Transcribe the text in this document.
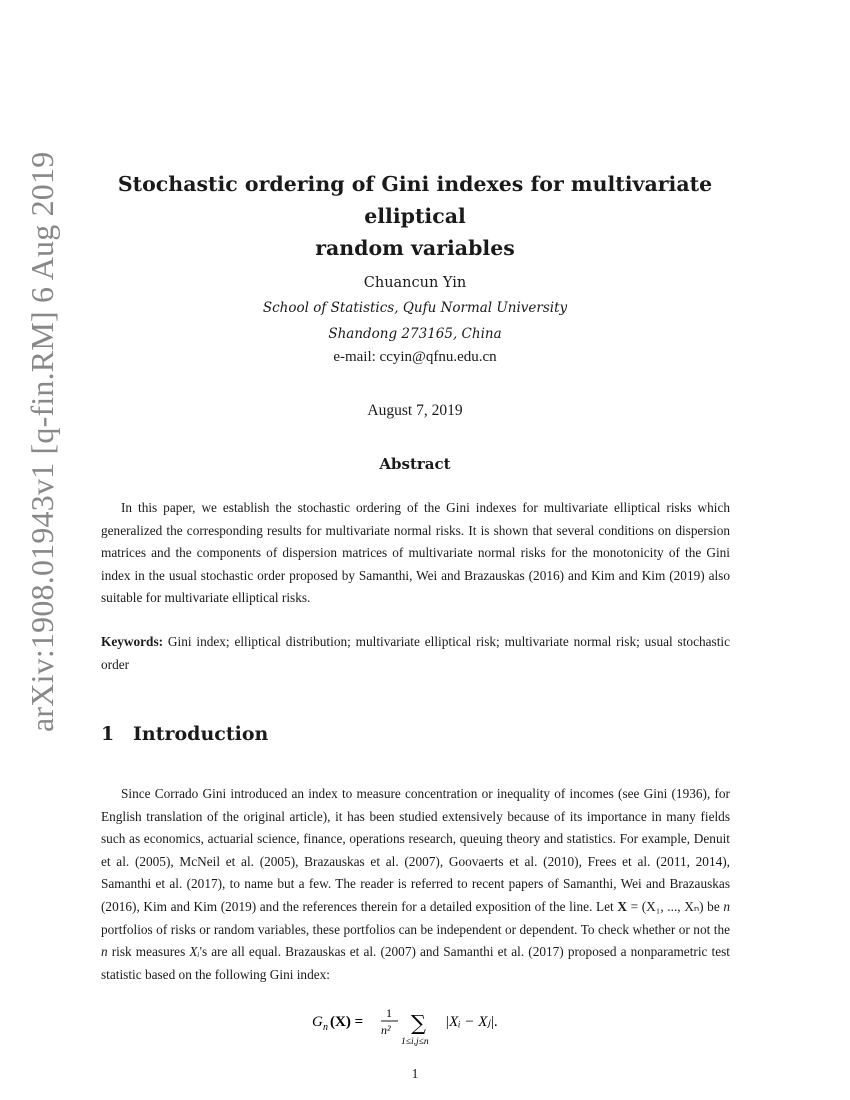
arXiv:1908.01943v1 [q-fin.RM] 6 Aug 2019	Stochastic ordering of Gini indexes for multivariate elliptical
random variables
Chuancun Yin
School of Statistics, Qufu Normal University
Shandong 273165, China
e-mail: ccyin@qfnu.edu.cn
August 7, 2019
Abstract
In this paper, we establish the stochastic ordering of the Gini indexes for multivariate elliptical risks which generalized the corresponding results for multivariate normal risks. It is shown that several conditions on dispersion matrices and the components of dispersion matrices of multivariate normal risks for the monotonicity of the Gini index in the usual stochastic order proposed by Samanthi, Wei and Brazauskas (2016) and Kim and Kim (2019) also suitable for multivariate elliptical risks.
Keywords: Gini index; elliptical distribution; multivariate elliptical risk; multivariate normal risk; usual stochastic order
1 Introduction
Since Corrado Gini introduced an index to measure concentration or inequality of incomes (see Gini (1936), for English translation of the original article), it has been studied extensively because of its importance in many fields such as economics, actuarial science, finance, operations research, queuing theory and statistics. For example, Denuit et al. (2005), McNeil et al. (2005), Brazauskas et al. (2007), Goovaerts et al. (2010), Frees et al. (2011, 2014), Samanthi et al. (2017), to name but a few. The reader is referred to recent papers of Samanthi, Wei and Brazauskas (2016), Kim and Kim (2019) and the references therein for a detailed exposition of the line. Let X = (X₁, ..., Xₙ) be n portfolios of risks or random variables, these portfolios can be independent or dependent. To check whether or not the n risk measures Xᵢ's are all equal. Brazauskas et al. (2007) and Samanthi et al. (2017) proposed a nonparametric test statistic based on the following Gini index:
G n (X) =
1
n² ∑
1≤i,j≤n
|Xᵢ − Xⱼ|.
1
